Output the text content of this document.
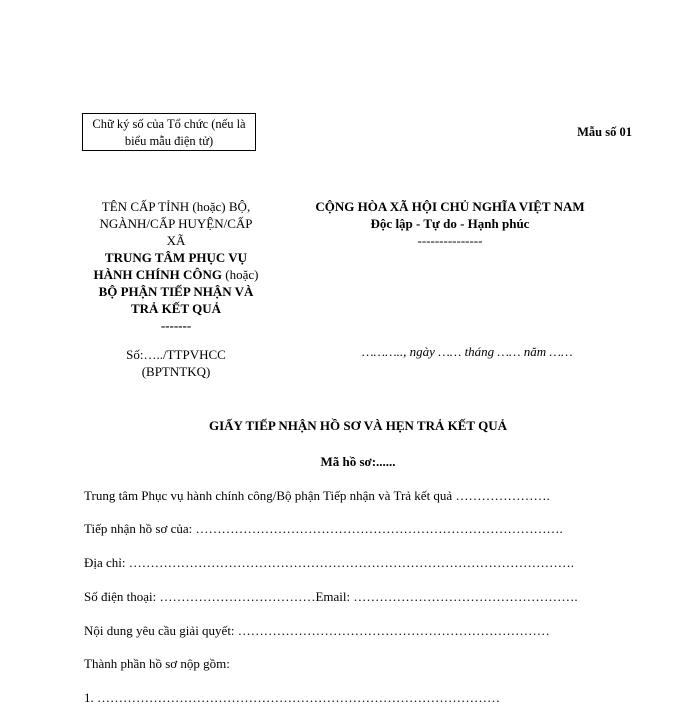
Chữ ký số của Tổ chức (nếu là
biểu mẫu điện tử)
Mẫu số 01
TÊN CẤP TỈNH (hoặc) BỘ,
NGÀNH/CẤP HUYỆN/CẤP
XÃ
TRUNG TÂM PHỤC VỤ
HÀNH CHÍNH CÔNG (hoặc)
BỘ PHẬN TIẾP NHẬN VÀ
TRẢ KẾT QUẢ
-------
Số:…../TTPVHCC
(BPTNTKQ)
CỘNG HÒA XÃ HỘI CHỦ NGHĨA VIỆT NAM
Độc lập - Tự do - Hạnh phúc
---------------
……….., ngày …… tháng …… năm ……
GIẤY TIẾP NHẬN HỒ SƠ VÀ HẸN TRẢ KẾT QUẢ
Mã hồ sơ:......
Trung tâm Phục vụ hành chính công/Bộ phận Tiếp nhận và Trả kết quả ………………….
Tiếp nhận hồ sơ của: ………………………………………………………………………….
Địa chỉ: ………………………………………………………………………………………….
Số điện thoại: ………………………………Email: …………………………………………….
Nội dung yêu cầu giải quyết: ………………………………………………………………
Thành phần hồ sơ nộp gồm:
1. …………………………………………………………………………………
